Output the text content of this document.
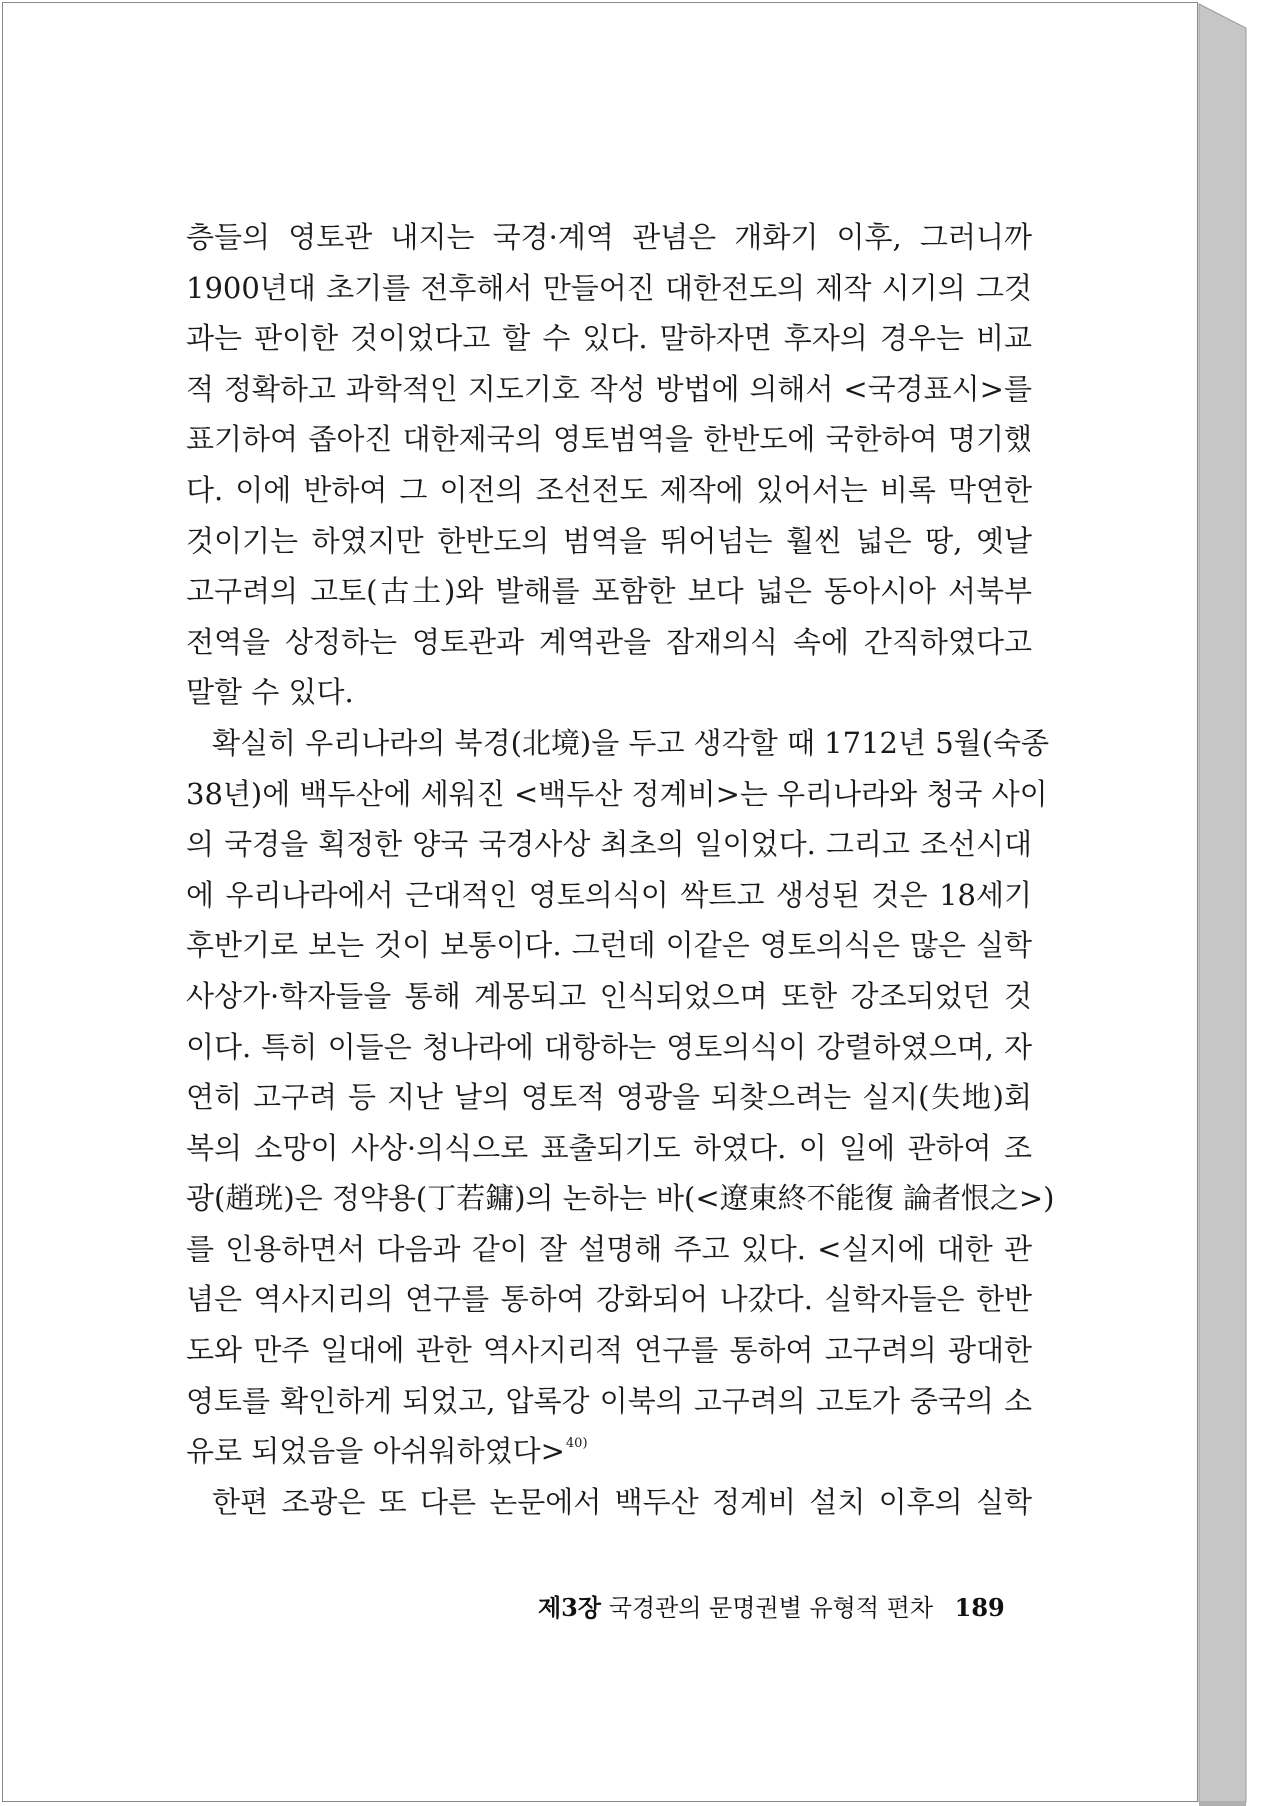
층들의 영토관 내지는 국경·계역 관념은 개화기 이후, 그러니까
1900년대 초기를 전후해서 만들어진 대한전도의 제작 시기의 그것
과는 판이한 것이었다고 할 수 있다. 말하자면 후자의 경우는 비교
적 정확하고 과학적인 지도기호 작성 방법에 의해서 <국경표시>를
표기하여 좁아진 대한제국의 영토범역을 한반도에 국한하여 명기했
다. 이에 반하여 그 이전의 조선전도 제작에 있어서는 비록 막연한
것이기는 하였지만 한반도의 범역을 뛰어넘는 훨씬 넓은 땅, 옛날
고구려의 고토(古土)와 발해를 포함한 보다 넓은 동아시아 서북부
전역을 상정하는 영토관과 계역관을 잠재의식 속에 간직하였다고
말할 수 있다.
확실히 우리나라의 북경(北境)을 두고 생각할 때 1712년 5월(숙종
38년)에 백두산에 세워진 <백두산 정계비>는 우리나라와 청국 사이
의 국경을 획정한 양국 국경사상 최초의 일이었다. 그리고 조선시대
에 우리나라에서 근대적인 영토의식이 싹트고 생성된 것은 18세기
후반기로 보는 것이 보통이다. 그런데 이같은 영토의식은 많은 실학
사상가·학자들을 통해 계몽되고 인식되었으며 또한 강조되었던 것
이다. 특히 이들은 청나라에 대항하는 영토의식이 강렬하였으며, 자
연히 고구려 등 지난 날의 영토적 영광을 되찾으려는 실지(失地)회
복의 소망이 사상·의식으로 표출되기도 하였다. 이 일에 관하여 조
광(趙珖)은 정약용(丁若鏞)의 논하는 바(<遼東終不能復 論者恨之>)
를 인용하면서 다음과 같이 잘 설명해 주고 있다. <실지에 대한 관
념은 역사지리의 연구를 통하여 강화되어 나갔다. 실학자들은 한반
도와 만주 일대에 관한 역사지리적 연구를 통하여 고구려의 광대한
영토를 확인하게 되었고, 압록강 이북의 고구려의 고토가 중국의 소
유로 되었음을 아쉬워하였다>$^{40)}$
한편 조광은 또 다른 논문에서 백두산 정계비 설치 이후의 실학
제3장 국경관의 문명권별 유형적 편차 189
